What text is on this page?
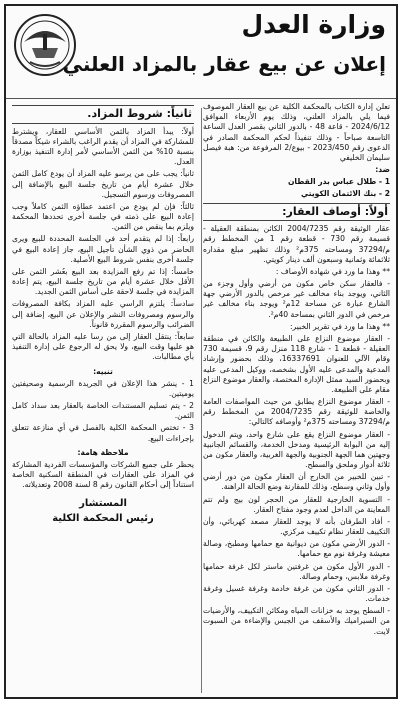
وزارة العدل
إعلان عن بيع عقار بالمزاد العلني

تعلن إدارة الكتاب بالمحكمة الكلية عن بيع العقار الموصوف فيما يلي بالمزاد العلني، وذلك يوم الأربعاء الموافق 2024/6/12 - قاعة 48 - بالدور الثاني بقصر العدل الساعة التاسعة صباحاً - وذلك تنفيذاً لحكم المحكمة الصادر في الدعوى رقم 2023/450 - بيوع/2 المرفوعة من: هبة فيصل سليمان الخليفي

ضد:

1 - طلال عباس بدر القطان

2 - بنك الائتمان الكويتي

أولاً: أوصاف العقار:

عقار الوثيقة رقم 2004/7235 الكائن بمنطقة العقيلة - قسيمة رقم 730 - قطعة رقم 1 من المخطط رقم م/37294 ومساحته 375م² وذلك تظهير مبلغ مقداره ثلاثمائة وثمانية وسبعون ألف دينار كويتي.

** وهذا ما ورد في شهادة الأوصاف :

- فالعقار سكن خاص مكون من أرضي وأول وجزء من الثاني، ويوجد بناء مخالف غير مرخص بالدور الأرضي جهة الشارع عبارة عن مساحة 12م² ويوجد بناء مخالف غير مرخص في الدور الثاني بمساحة 40م².

** وهذا ما ورد في تقرير الخبير:

- العقار موضوع النزاع على الطبيعة والكائن في منطقة العقيلة - قطعة 1 - شارع 118 منزل رقم 9، قسيمة 730 وقام الآلي للعنوان 16337691، وذلك بحضور وإرشاد المدعية والمدعى عليه الأول بشخصه، ووكيل المدعى عليه وبحضور السيد ممثل الإدارة المختصة، والعقار موضوع النزاع مقام على الطبيعة.

- العقار موضوع النزاع يطابق من حيث المواصفات العامة والخاصة للوثيقة رقم 2004/7235 من المخطط رقم م/37294 ومساحته 375م² وأوصافه كالتالي:

- العقار موضوع النزاع يقع على شارع واحد، ويتم الدخول إليه من البوابة الرئيسية ومدخل الخدمة، والقسائم الجانبية وجهتين هما الجهة الجنوبية والجهة الغربية، والعقار مكون من ثلاثة أدوار وملحق والسطح.

- تبين للخبير من الخارج أن العقار مكون من دور أرضي وأول وثاني وسطح، وذلك للمقارنة وضع الحالة الراهنة.

- التسوية الخارجية للعقار من الحجر لون بيج ولم تتم المعاينة من الداخل لعدم وجود مفتاح العقار.

- أفاد الطرفان بأنه لا يوجد للعقار مصعد كهربائي، وأن التكييف للعقار نظام تكييف مركزي.

- الدور الأرضي مكون من ديوانية مع حمامها ومطبخ، وصالة معيشة وغرفة نوم مع حمامها.

- الدور الأول مكون من غرفتين ماستر لكل غرفة حمامها وغرفة ملابس، وحمام وصالة.

- الدور الثاني مكون من غرفة خادمة وغرفة غسيل وغرفة خدمات.

- السطح يوجد به خزانات المياه ومكائن التكييف، والأرضيات من السيراميك والأسقف من الجبس والإضاءة من السبوت لايت.

ثانياً: شروط المزاد.

أولاً: يبدأ المزاد بالثمن الأساسي للعقار، ويشترط للمشاركة في المزاد أن يقدم الراغب بالشراء شيكاً مصدقاً بنسبة 10% من الثمن الأساسي لأمر إدارة التنفيذ بوزارة العدل.

ثانياً: يجب على من يرسو عليه المزاد أن يودع كامل الثمن خلال عشرة أيام من تاريخ جلسة البيع بالإضافة إلى المصروفات ورسوم التسجيل.

ثالثاً: فإن لم يودع من اعتمد عطاؤه الثمن كاملاً وجب إعادة البيع على ذمته في جلسة أخرى تحددها المحكمة ويلزم بما ينقص من الثمن.

رابعاً: إذا لم يتقدم أحد في الجلسة المحددة للبيع ويرى الحاضر من ذوي الشأن تأجيل البيع، جاز إعادة البيع في جلسة أخرى بنفس شروط البيع الأصلية.

خامساً: إذا تم رفع المزايدة بعد البيع بعُشر الثمن على الأقل خلال عشرة أيام من تاريخ جلسة البيع، يتم إعادة المزايدة في جلسة لاحقة على أساس الثمن الجديد.

سادساً: يلتزم الراسي عليه المزاد بكافة المصروفات والرسوم ومصروفات النشر والإعلان عن البيع، إضافة إلى الضرائب والرسوم المقررة قانوناً.

سابعاً: ينتقل العقار إلى من رسا عليه المزاد بالحالة التي هو عليها وقت البيع، ولا يحق له الرجوع على إدارة التنفيذ بأي مطالبات.

تنبيه:

1 - ينشر هذا الإعلان في الجريدة الرسمية وصحيفتين يوميتين.

2 - يتم تسليم المستندات الخاصة بالعقار بعد سداد كامل الثمن.

3 - تختص المحكمة الكلية بالفصل في أي منازعة تتعلق بإجراءات البيع.

ملاحظة هامة:

يحظر على جميع الشركات والمؤسسات الفردية المشاركة في المزاد على العقارات في المنطقة السكنية الخاصة استناداً إلى أحكام القانون رقم 8 لسنة 2008 وتعديلاته.

المستشار
رئيس المحكمة الكلية
